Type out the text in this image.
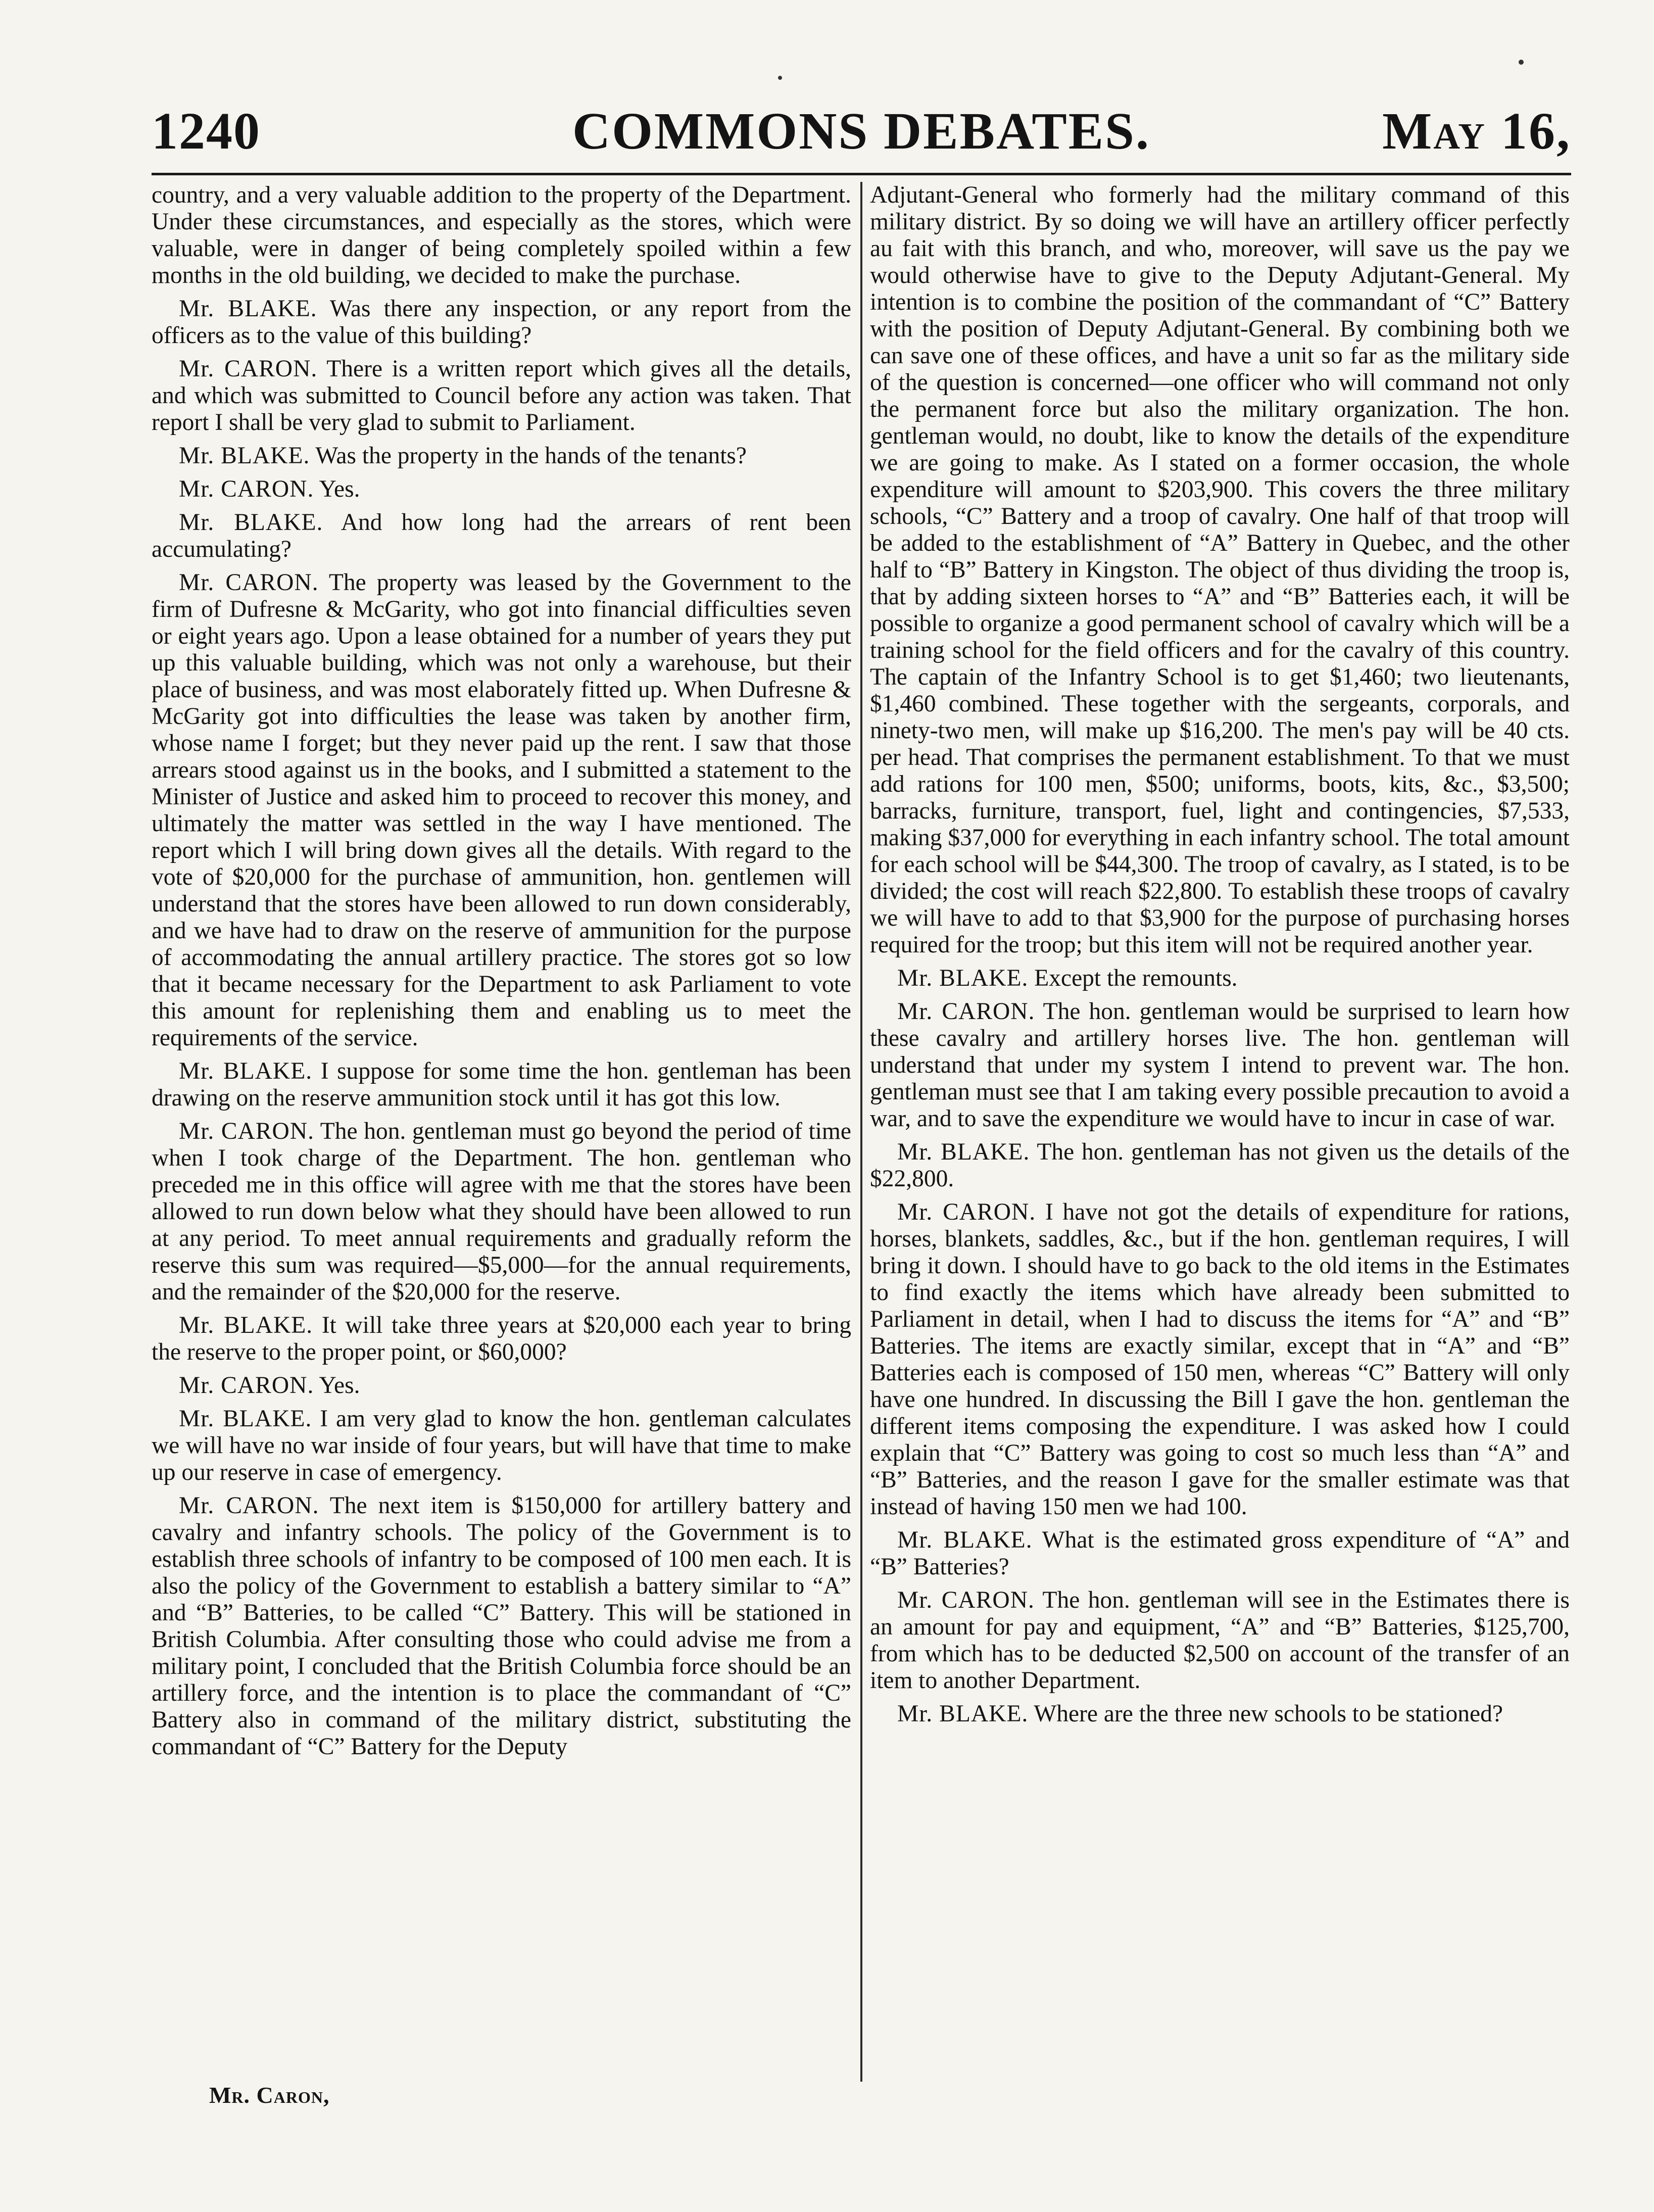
1240	COMMONS DEBATES.	May 16,

country, and a very valuable addition to the property of the Department. Under these circumstances, and especially as the stores, which were valuable, were in danger of being completely spoiled within a few months in the old building, we decided to make the purchase.

Mr. BLAKE. Was there any inspection, or any report from the officers as to the value of this building?

Mr. CARON. There is a written report which gives all the details, and which was submitted to Council before any action was taken. That report I shall be very glad to submit to Parliament.

Mr. BLAKE. Was the property in the hands of the tenants?

Mr. CARON. Yes.

Mr. BLAKE. And how long had the arrears of rent been accumulating?

Mr. CARON. The property was leased by the Government to the firm of Dufresne & McGarity, who got into financial difficulties seven or eight years ago. Upon a lease obtained for a number of years they put up this valuable building, which was not only a warehouse, but their place of business, and was most elaborately fitted up. When Dufresne & McGarity got into difficulties the lease was taken by another firm, whose name I forget; but they never paid up the rent. I saw that those arrears stood against us in the books, and I submitted a statement to the Minister of Justice and asked him to proceed to recover this money, and ultimately the matter was settled in the way I have mentioned. The report which I will bring down gives all the details. With regard to the vote of $20,000 for the purchase of ammunition, hon. gentlemen will understand that the stores have been allowed to run down considerably, and we have had to draw on the reserve of ammunition for the purpose of accommodating the annual artillery practice. The stores got so low that it became necessary for the Department to ask Parliament to vote this amount for replenishing them and enabling us to meet the requirements of the service.

Mr. BLAKE. I suppose for some time the hon. gentleman has been drawing on the reserve ammunition stock until it has got this low.

Mr. CARON. The hon. gentleman must go beyond the period of time when I took charge of the Department. The hon. gentleman who preceded me in this office will agree with me that the stores have been allowed to run down below what they should have been allowed to run at any period. To meet annual requirements and gradually reform the reserve this sum was required—$5,000—for the annual requirements, and the remainder of the $20,000 for the reserve.

Mr. BLAKE. It will take three years at $20,000 each year to bring the reserve to the proper point, or $60,000?

Mr. CARON. Yes.

Mr. BLAKE. I am very glad to know the hon. gentleman calculates we will have no war inside of four years, but will have that time to make up our reserve in case of emergency.

Mr. CARON. The next item is $150,000 for artillery battery and cavalry and infantry schools. The policy of the Government is to establish three schools of infantry to be composed of 100 men each. It is also the policy of the Government to establish a battery similar to “A” and “B” Batteries, to be called “C” Battery. This will be stationed in British Columbia. After consulting those who could advise me from a military point, I concluded that the British Columbia force should be an artillery force, and the intention is to place the commandant of “C” Battery also in command of the military district, substituting the commandant of “C” Battery for the Deputy

Adjutant-General who formerly had the military command of this military district. By so doing we will have an artillery officer perfectly au fait with this branch, and who, moreover, will save us the pay we would otherwise have to give to the Deputy Adjutant-General. My intention is to combine the position of the commandant of “C” Battery with the position of Deputy Adjutant-General. By combining both we can save one of these offices, and have a unit so far as the military side of the question is concerned—one officer who will command not only the permanent force but also the military organization. The hon. gentleman would, no doubt, like to know the details of the expenditure we are going to make. As I stated on a former occasion, the whole expenditure will amount to $203,900. This covers the three military schools, “C” Battery and a troop of cavalry. One half of that troop will be added to the establishment of “A” Battery in Quebec, and the other half to “B” Battery in Kingston. The object of thus dividing the troop is, that by adding sixteen horses to “A” and “B” Batteries each, it will be possible to organize a good permanent school of cavalry which will be a training school for the field officers and for the cavalry of this country. The captain of the Infantry School is to get $1,460; two lieutenants, $1,460 combined. These together with the sergeants, corporals, and ninety-two men, will make up $16,200. The men's pay will be 40 cts. per head. That comprises the permanent establishment. To that we must add rations for 100 men, $500; uniforms, boots, kits, &c., $3,500; barracks, furniture, transport, fuel, light and contingencies, $7,533, making $37,000 for everything in each infantry school. The total amount for each school will be $44,300. The troop of cavalry, as I stated, is to be divided; the cost will reach $22,800. To establish these troops of cavalry we will have to add to that $3,900 for the purpose of purchasing horses required for the troop; but this item will not be required another year.

Mr. BLAKE. Except the remounts.

Mr. CARON. The hon. gentleman would be surprised to learn how these cavalry and artillery horses live. The hon. gentleman will understand that under my system I intend to prevent war. The hon. gentleman must see that I am taking every possible precaution to avoid a war, and to save the expenditure we would have to incur in case of war.

Mr. BLAKE. The hon. gentleman has not given us the details of the $22,800.

Mr. CARON. I have not got the details of expenditure for rations, horses, blankets, saddles, &c., but if the hon. gentleman requires, I will bring it down. I should have to go back to the old items in the Estimates to find exactly the items which have already been submitted to Parliament in detail, when I had to discuss the items for “A” and “B” Batteries. The items are exactly similar, except that in “A” and “B” Batteries each is composed of 150 men, whereas “C” Battery will only have one hundred. In discussing the Bill I gave the hon. gentleman the different items composing the expenditure. I was asked how I could explain that “C” Battery was going to cost so much less than “A” and “B” Batteries, and the reason I gave for the smaller estimate was that instead of having 150 men we had 100.

Mr. BLAKE. What is the estimated gross expenditure of “A” and “B” Batteries?

Mr. CARON. The hon. gentleman will see in the Estimates there is an amount for pay and equipment, “A” and “B” Batteries, $125,700, from which has to be deducted $2,500 on account of the transfer of an item to another Department.

Mr. BLAKE. Where are the three new schools to be stationed?

Mr. Caron,
